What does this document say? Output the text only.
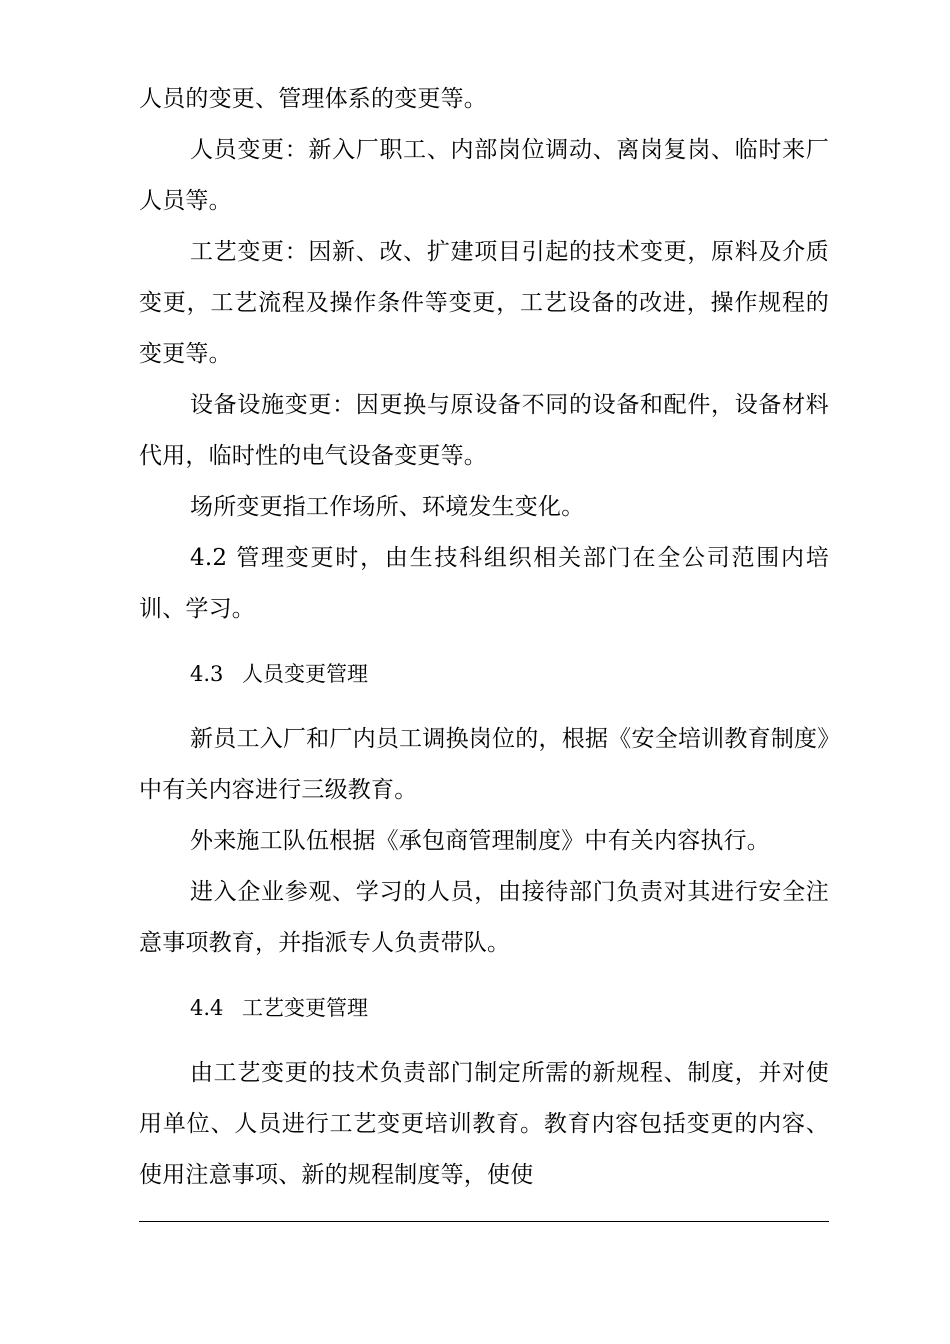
人员的变更、管理体系的变更等。

人员变更：新入厂职工、内部岗位调动、离岗复岗、临时来厂人员等。

工艺变更：因新、改、扩建项目引起的技术变更，原料及介质变更，工艺流程及操作条件等变更，工艺设备的改进，操作规程的变更等。

设备设施变更：因更换与原设备不同的设备和配件，设备材料代用，临时性的电气设备变更等。

场所变更指工作场所、环境发生变化。

4.2 管理变更时，由生技科组织相关部门在全公司范围内培训、学习。

4.3 人员变更管理

新员工入厂和厂内员工调换岗位的，根据《安全培训教育制度》中有关内容进行三级教育。

外来施工队伍根据《承包商管理制度》中有关内容执行。

进入企业参观、学习的人员，由接待部门负责对其进行安全注意事项教育，并指派专人负责带队。

4.4 工艺变更管理

由工艺变更的技术负责部门制定所需的新规程、制度，并对使用单位、人员进行工艺变更培训教育。教育内容包括变更的内容、使用注意事项、新的规程制度等，使使
